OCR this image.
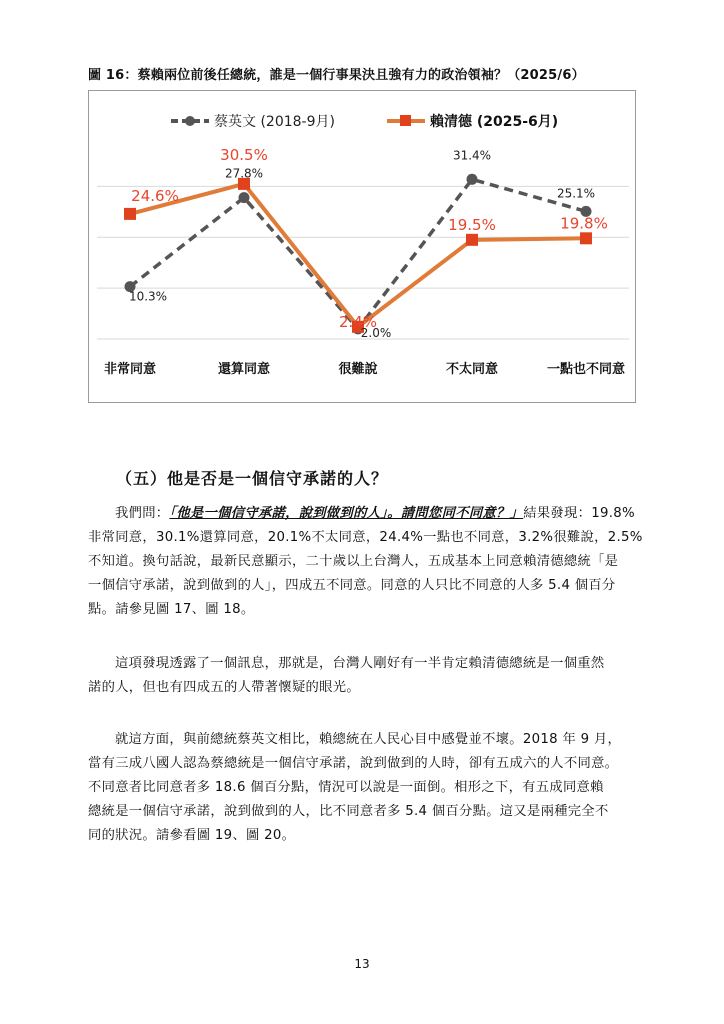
圖 16：蔡賴兩位前後任總統，誰是一個行事果決且強有力的政治領袖？（2025/6）
非常同意	還算同意	很難說	不太同意	一點也不同意
蔡英文 (2018-9月)	賴清德 (2025-6月)
10.3%
27.8%
2.0%
31.4%
25.1%
24.6%
30.5%
2.4%
19.5%	19.8%
（五）他是否是一個信守承諾的人？
我們問：「他是一個信守承諾，說到做到的人」。請問您同不同意？」結果發現：19.8%
非常同意，30.1%還算同意，20.1%不太同意，24.4%一點也不同意，3.2%很難說，2.5%
不知道。換句話說，最新民意顯示，二十歲以上台灣人，五成基本上同意賴清德總統「是
一個信守承諾，說到做到的人」，四成五不同意。同意的人只比不同意的人多 5.4 個百分
點。請參見圖 17、圖 18。
這項發現透露了一個訊息，那就是，台灣人剛好有一半肯定賴清德總統是一個重然
諾的人，但也有四成五的人帶著懷疑的眼光。
就這方面，與前總統蔡英文相比，賴總統在人民心目中感覺並不壞。2018 年 9 月，
當有三成八國人認為蔡總統是一個信守承諾，說到做到的人時，卻有五成六的人不同意。
不同意者比同意者多 18.6 個百分點，情況可以說是一面倒。相形之下，有五成同意賴
總統是一個信守承諾，說到做到的人，比不同意者多 5.4 個百分點。這又是兩種完全不
同的狀況。請參看圖 19、圖 20。
13
